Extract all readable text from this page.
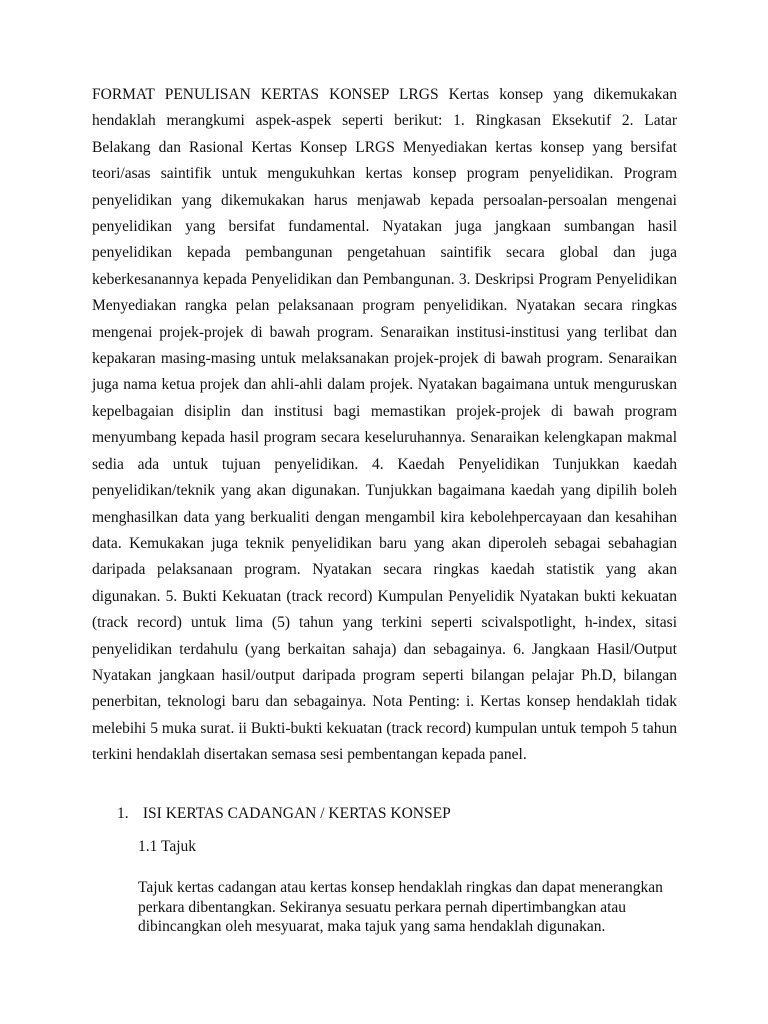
FORMAT PENULISAN KERTAS KONSEP LRGS Kertas konsep yang dikemukakan hendaklah merangkumi aspek-aspek seperti berikut: 1. Ringkasan Eksekutif 2. Latar Belakang dan Rasional Kertas Konsep LRGS Menyediakan kertas konsep yang bersifat teori/asas saintifik untuk mengukuhkan kertas konsep program penyelidikan. Program penyelidikan yang dikemukakan harus menjawab kepada persoalan-persoalan mengenai penyelidikan yang bersifat fundamental. Nyatakan juga jangkaan sumbangan hasil penyelidikan kepada pembangunan pengetahuan saintifik secara global dan juga keberkesanannya kepada Penyelidikan dan Pembangunan. 3. Deskripsi Program Penyelidikan Menyediakan rangka pelan pelaksanaan program penyelidikan. Nyatakan secara ringkas mengenai projek-projek di bawah program. Senaraikan institusi-institusi yang terlibat dan kepakaran masing-masing untuk melaksanakan projek-projek di bawah program. Senaraikan juga nama ketua projek dan ahli-ahli dalam projek. Nyatakan bagaimana untuk menguruskan kepelbagaian disiplin dan institusi bagi memastikan projek-projek di bawah program menyumbang kepada hasil program secara keseluruhannya. Senaraikan kelengkapan makmal sedia ada untuk tujuan penyelidikan. 4. Kaedah Penyelidikan Tunjukkan kaedah penyelidikan/teknik yang akan digunakan. Tunjukkan bagaimana kaedah yang dipilih boleh menghasilkan data yang berkualiti dengan mengambil kira kebolehpercayaan dan kesahihan data. Kemukakan juga teknik penyelidikan baru yang akan diperoleh sebagai sebahagian daripada pelaksanaan program. Nyatakan secara ringkas kaedah statistik yang akan digunakan. 5. Bukti Kekuatan (track record) Kumpulan Penyelidik Nyatakan bukti kekuatan (track record) untuk lima (5) tahun yang terkini seperti scivalspotlight, h-index, sitasi penyelidikan terdahulu (yang berkaitan sahaja) dan sebagainya. 6. Jangkaan Hasil/Output Nyatakan jangkaan hasil/output daripada program seperti bilangan pelajar Ph.D, bilangan penerbitan, teknologi baru dan sebagainya. Nota Penting: i. Kertas konsep hendaklah tidak melebihi 5 muka surat. ii Bukti-bukti kekuatan (track record) kumpulan untuk tempoh 5 tahun terkini hendaklah disertakan semasa sesi pembentangan kepada panel.

1. ISI KERTAS CADANGAN / KERTAS KONSEP
1.1 Tajuk

Tajuk kertas cadangan atau kertas konsep hendaklah ringkas dan dapat menerangkan
perkara dibentangkan. Sekiranya sesuatu perkara pernah dipertimbangkan atau
dibincangkan oleh mesyuarat, maka tajuk yang sama hendaklah digunakan.
